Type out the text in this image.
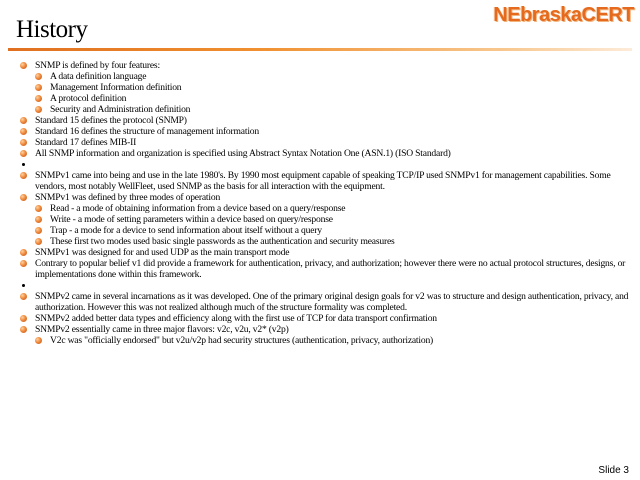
History
NEbraskaCERT
SNMP is defined by four features:
A data definition language
Management Information definition
A protocol definition
Security and Administration definition
Standard 15 defines the protocol (SNMP)
Standard 16 defines the structure of management information
Standard 17 defines MIB-II
All SNMP information and organization is specified using Abstract Syntax Notation One (ASN.1) (ISO Standard)
SNMPv1 came into being and use in the late 1980's. By 1990 most equipment capable of speaking TCP/IP used SNMPv1 for management capabilities. Some vendors, most notably WellFleet, used SNMP as the basis for all interaction with the equipment.
SNMPv1 was defined by three modes of operation
Read - a mode of obtaining information from a device based on a query/response
Write - a mode of setting parameters within a device based on query/response
Trap - a mode for a device to send information about itself without a query
These first two modes used basic single passwords as the authentication and security measures
SNMPv1 was designed for and used UDP as the main transport mode
Contrary to popular belief v1 did provide a framework for authentication, privacy, and authorization; however there were no actual protocol structures, designs, or implementations done within this framework.
SNMPv2 came in several incarnations as it was developed. One of the primary original design goals for v2 was to structure and design authentication, privacy, and authorization. However this was not realized although much of the structure formality was completed.
SNMPv2 added better data types and efficiency along with the first use of TCP for data transport confirmation
SNMPv2 essentially came in three major flavors: v2c, v2u, v2* (v2p)
V2c was "officially endorsed" but v2u/v2p had security structures (authentication, privacy, authorization)
Slide 3
